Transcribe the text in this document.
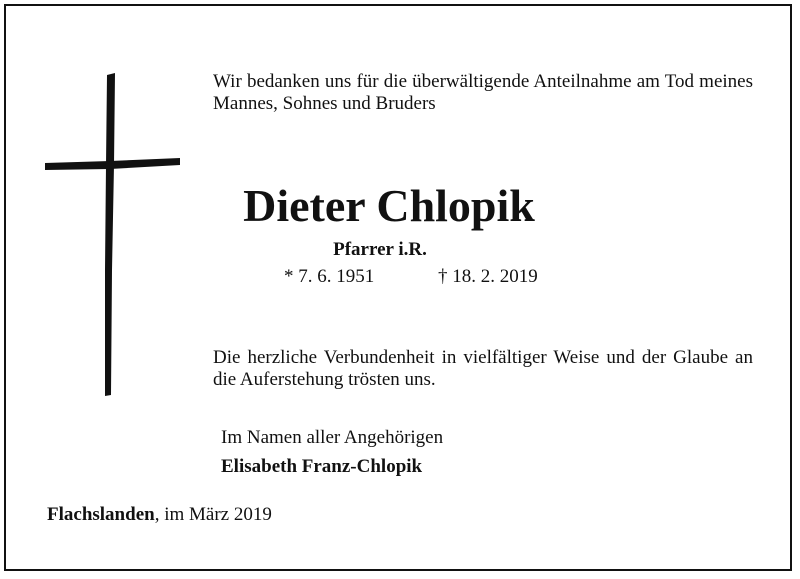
Wir bedanken uns für die überwältigende Anteilnahme am Tod meines Mannes, Sohnes und Bruders
Dieter Chlopik
Pfarrer i.R.
* 7. 6. 1951	† 18. 2. 2019
Die herzliche Verbundenheit in vielfältiger Weise und der Glaube an die Auferstehung trösten uns.
Im Namen aller Angehörigen
Elisabeth Franz-Chlopik
Flachslanden, im März 2019
